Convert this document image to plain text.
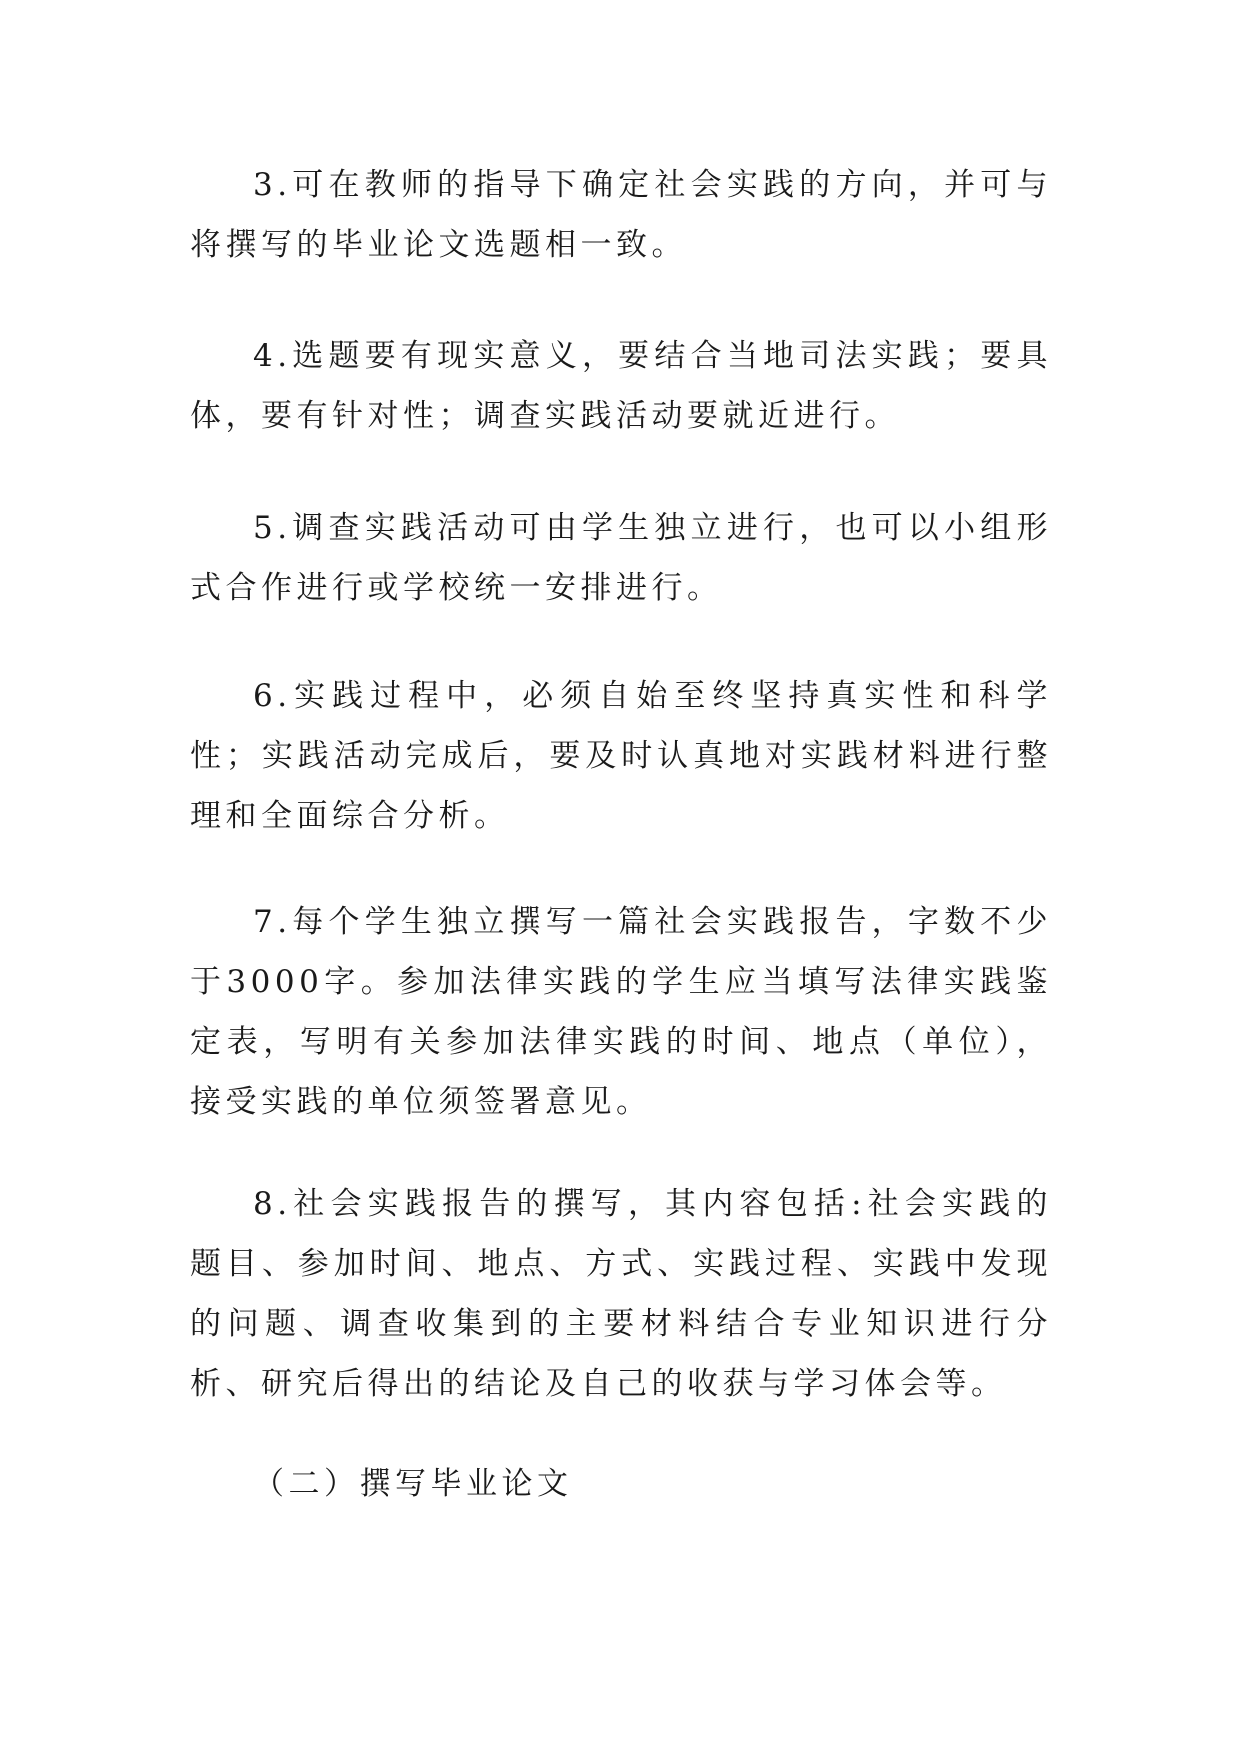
3.可在教师的指导下确定社会实践的方向，并可与将撰写的毕业论文选题相一致。

4.选题要有现实意义，要结合当地司法实践；要具体，要有针对性；调查实践活动要就近进行。

5.调查实践活动可由学生独立进行，也可以小组形式合作进行或学校统一安排进行。

6.实践过程中，必须自始至终坚持真实性和科学性；实践活动完成后，要及时认真地对实践材料进行整理和全面综合分析。

7.每个学生独立撰写一篇社会实践报告，字数不少于3000字。参加法律实践的学生应当填写法律实践鉴定表，写明有关参加法律实践的时间、地点（单位），接受实践的单位须签署意见。

8.社会实践报告的撰写，其内容包括:社会实践的题目、参加时间、地点、方式、实践过程、实践中发现的问题、调查收集到的主要材料结合专业知识进行分析、研究后得出的结论及自己的收获与学习体会等。

（二）撰写毕业论文
